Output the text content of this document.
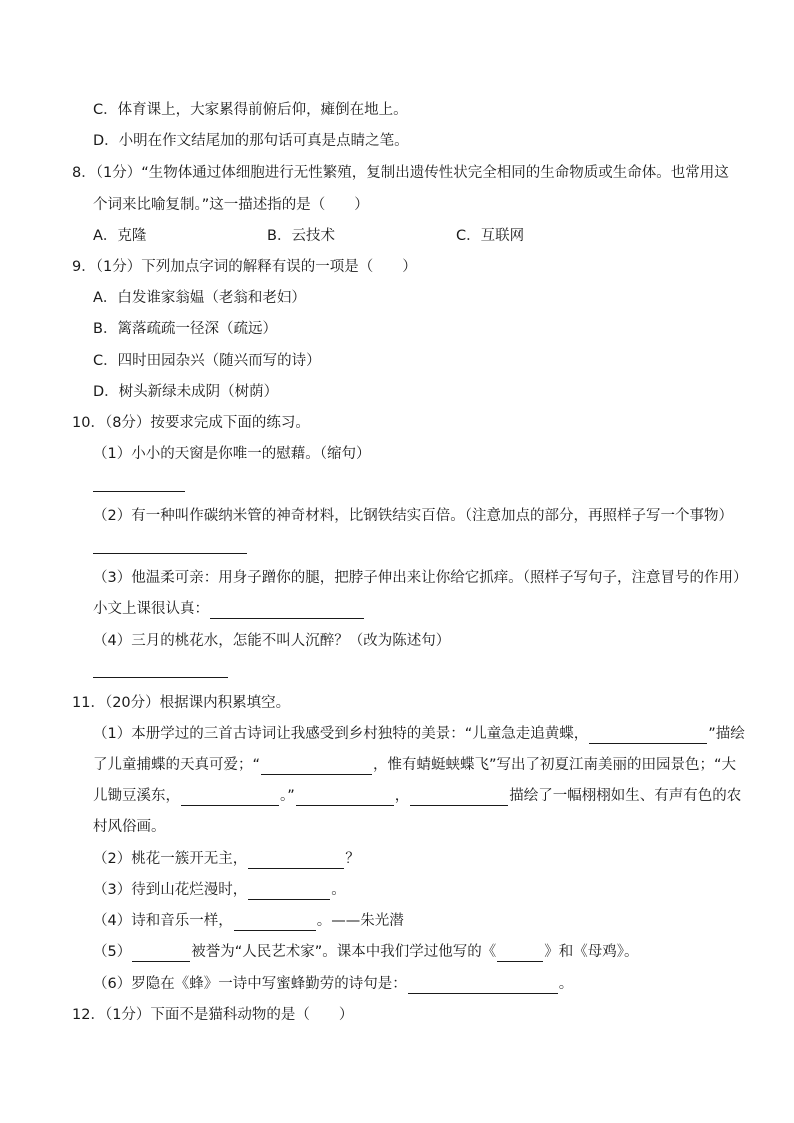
C．体育课上，大家累得前俯后仰，瘫倒在地上。
D．小明在作文结尾加的那句话可真是点睛之笔。
8．（1分）“生物体通过体细胞进行无性繁殖，复制出遗传性状完全相同的生命物质或生命体。也常用这
个词来比喻复制。”这一描述指的是（　　）
A．克隆	B．云技术	C．互联网
9．（1分）下列加点字词的解释有误的一项是（　　）
A．白发谁家翁媪（老翁和老妇）
B．篱落疏疏一径深（疏远）
C．四时田园杂兴（随兴而写的诗）
D．树头新绿未成阴（树荫）
10．（8分）按要求完成下面的练习。
（1）小小的天窗是你唯一的慰藉。（缩句）
（2）有一种叫作碳纳米管的神奇材料，比钢铁结实百倍。（注意加点的部分，再照样子写一个事物）
（3）他温柔可亲：用身子蹭你的腿，把脖子伸出来让你给它抓痒。（照样子写句子，注意冒号的作用）
小文上课很认真：
（4）三月的桃花水，怎能不叫人沉醉？（改为陈述句）
11．（20分）根据课内积累填空。
（1）本册学过的三首古诗词让我感受到乡村独特的美景：“儿童急走追黄蝶，	”描绘
了儿童捕蝶的天真可爱；“	，惟有蜻蜓蛱蝶飞”写出了初夏江南美丽的田园景色；“大
儿锄豆溪东，	。”	，	描绘了一幅栩栩如生、有声有色的农
村风俗画。
（2）桃花一簇开无主，	？
（3）待到山花烂漫时，	。
（4）诗和音乐一样，	。——朱光潜
（5）	被誉为“人民艺术家”。课本中我们学过他写的《	》和《母鸡》。
（6）罗隐在《蜂》一诗中写蜜蜂勤劳的诗句是：	。
12．（1分）下面不是猫科动物的是（　　）
